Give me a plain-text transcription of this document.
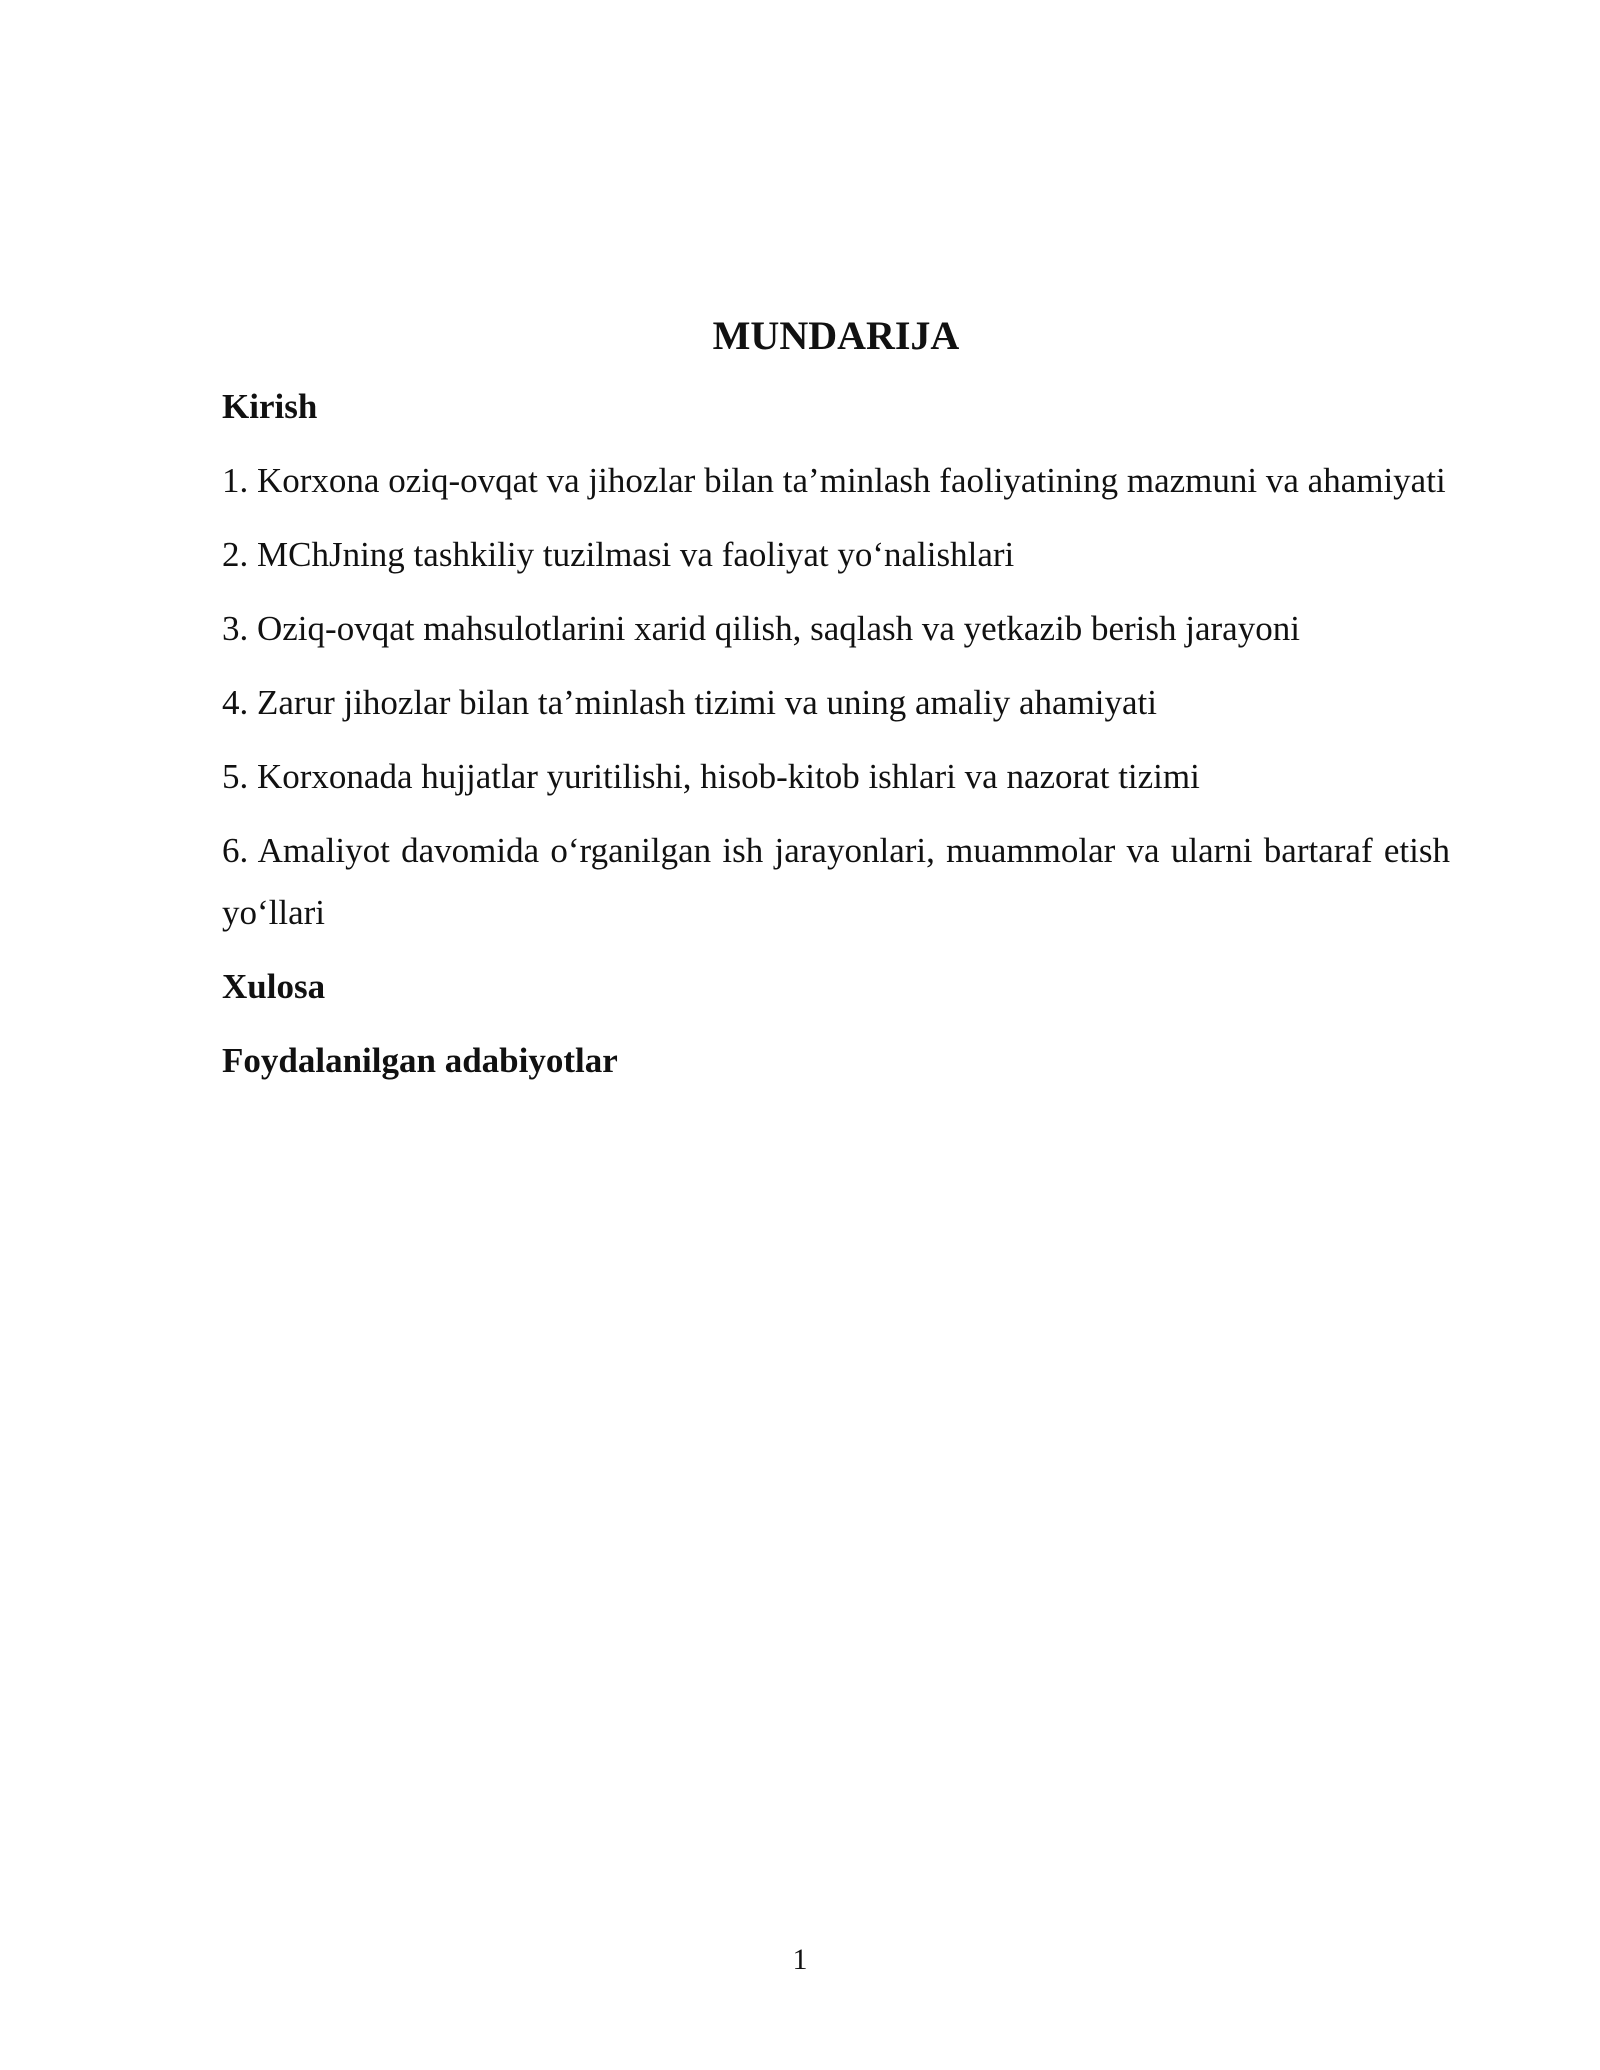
MUNDARIJA
Kirish
1. Korxona oziq-ovqat va jihozlar bilan ta’minlash faoliyatining mazmuni va ahamiyati
2. MChJning tashkiliy tuzilmasi va faoliyat yo‘nalishlari
3. Oziq-ovqat mahsulotlarini xarid qilish, saqlash va yetkazib berish jarayoni
4. Zarur jihozlar bilan ta’minlash tizimi va uning amaliy ahamiyati
5. Korxonada hujjatlar yuritilishi, hisob-kitob ishlari va nazorat tizimi
6. Amaliyot davomida o‘rganilgan ish jarayonlari, muammolar va ularni bartaraf etish yo‘llari
Xulosa
Foydalanilgan adabiyotlar
1
